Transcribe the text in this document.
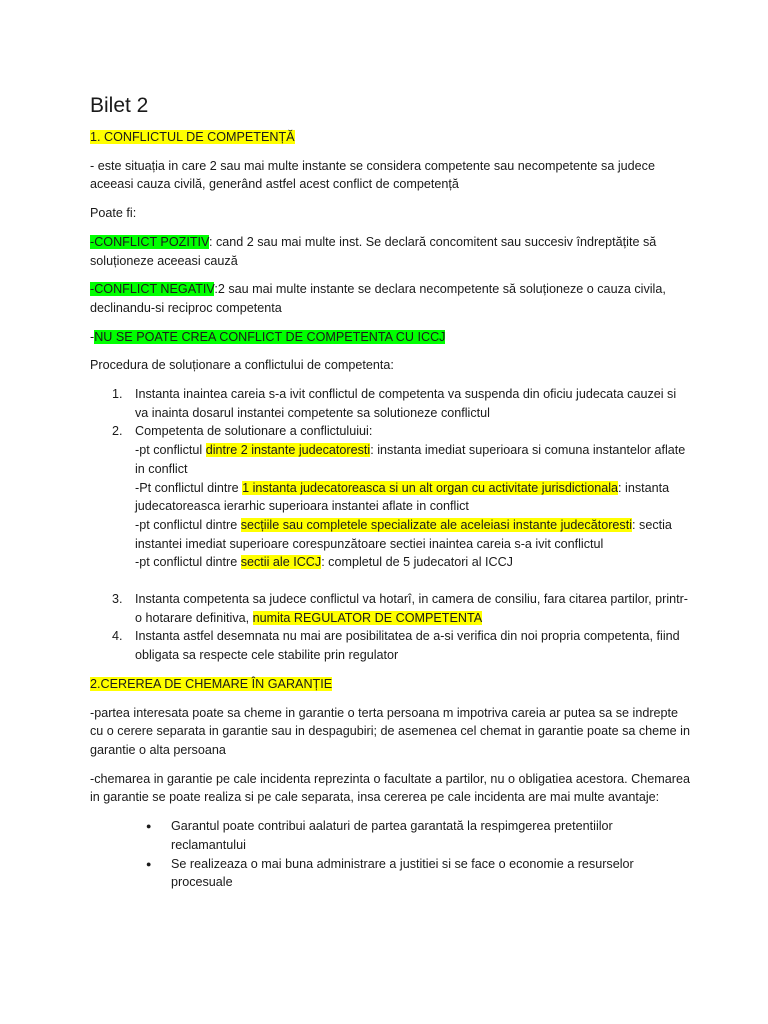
Bilet 2

1. CONFLICTUL DE COMPETENȚĂ

- este situația in care 2 sau mai multe instante se considera competente sau necompetente sa judece aceeasi cauza civilă, generând astfel acest conflict de competență

Poate fi:

-CONFLICT POZITIV: cand 2 sau mai multe inst. Se declară concomitent sau succesiv îndreptățite să soluționeze aceeasi cauză

-CONFLICT NEGATIV:2 sau mai multe instante se declara necompetente să soluționeze o cauza civila, declinandu-si reciproc competenta

-NU SE POATE CREA CONFLICT DE COMPETENTA CU ICCJ

Procedura de soluționare a conflictului de competenta:

1. Instanta inaintea careia s-a ivit conflictul de competenta va suspenda din oficiu judecata cauzei si va inainta dosarul instantei competente sa solutioneze conflictul
2. Competenta de solutionare a conflictuluiui:
-pt conflictul dintre 2 instante judecatoresti: instanta imediat superioara si comuna instantelor aflate in conflict
-Pt conflictul dintre 1 instanta judecatoreasca si un alt organ cu activitate jurisdictionala: instanta judecatoreasca ierarhic superioara instantei aflate in conflict
-pt conflictul dintre secțiile sau completele specializate ale aceleiasi instante judecătoresti: sectia instantei imediat superioare corespunzătoare sectiei inaintea careia s-a ivit conflictul
-pt conflictul dintre sectii ale ICCJ: completul de 5 judecatori al ICCJ
3. Instanta competenta sa judece conflictul va hotarî, in camera de consiliu, fara citarea partilor, printr-o hotarare definitiva, numita REGULATOR DE COMPETENTA
4. Instanta astfel desemnata nu mai are posibilitatea de a-si verifica din noi propria competenta, fiind obligata sa respecte cele stabilite prin regulator

2.CEREREA DE CHEMARE ÎN GARANȚIE

-partea interesata poate sa cheme in garantie o terta persoana m impotriva careia ar putea sa se indrepte cu o cerere separata in garantie sau in despagubiri; de asemenea cel chemat in garantie poate sa cheme in garantie o alta persoana

-chemarea in garantie pe cale incidenta reprezinta o facultate a partilor, nu o obligatiea acestora. Chemarea in garantie se poate realiza si pe cale separata, insa cererea pe cale incidenta are mai multe avantaje:

● Garantul poate contribui aalaturi de partea garantată la respimgerea pretentiilor reclamantului
● Se realizeaza o mai buna administrare a justitiei si se face o economie a resurselor procesuale
